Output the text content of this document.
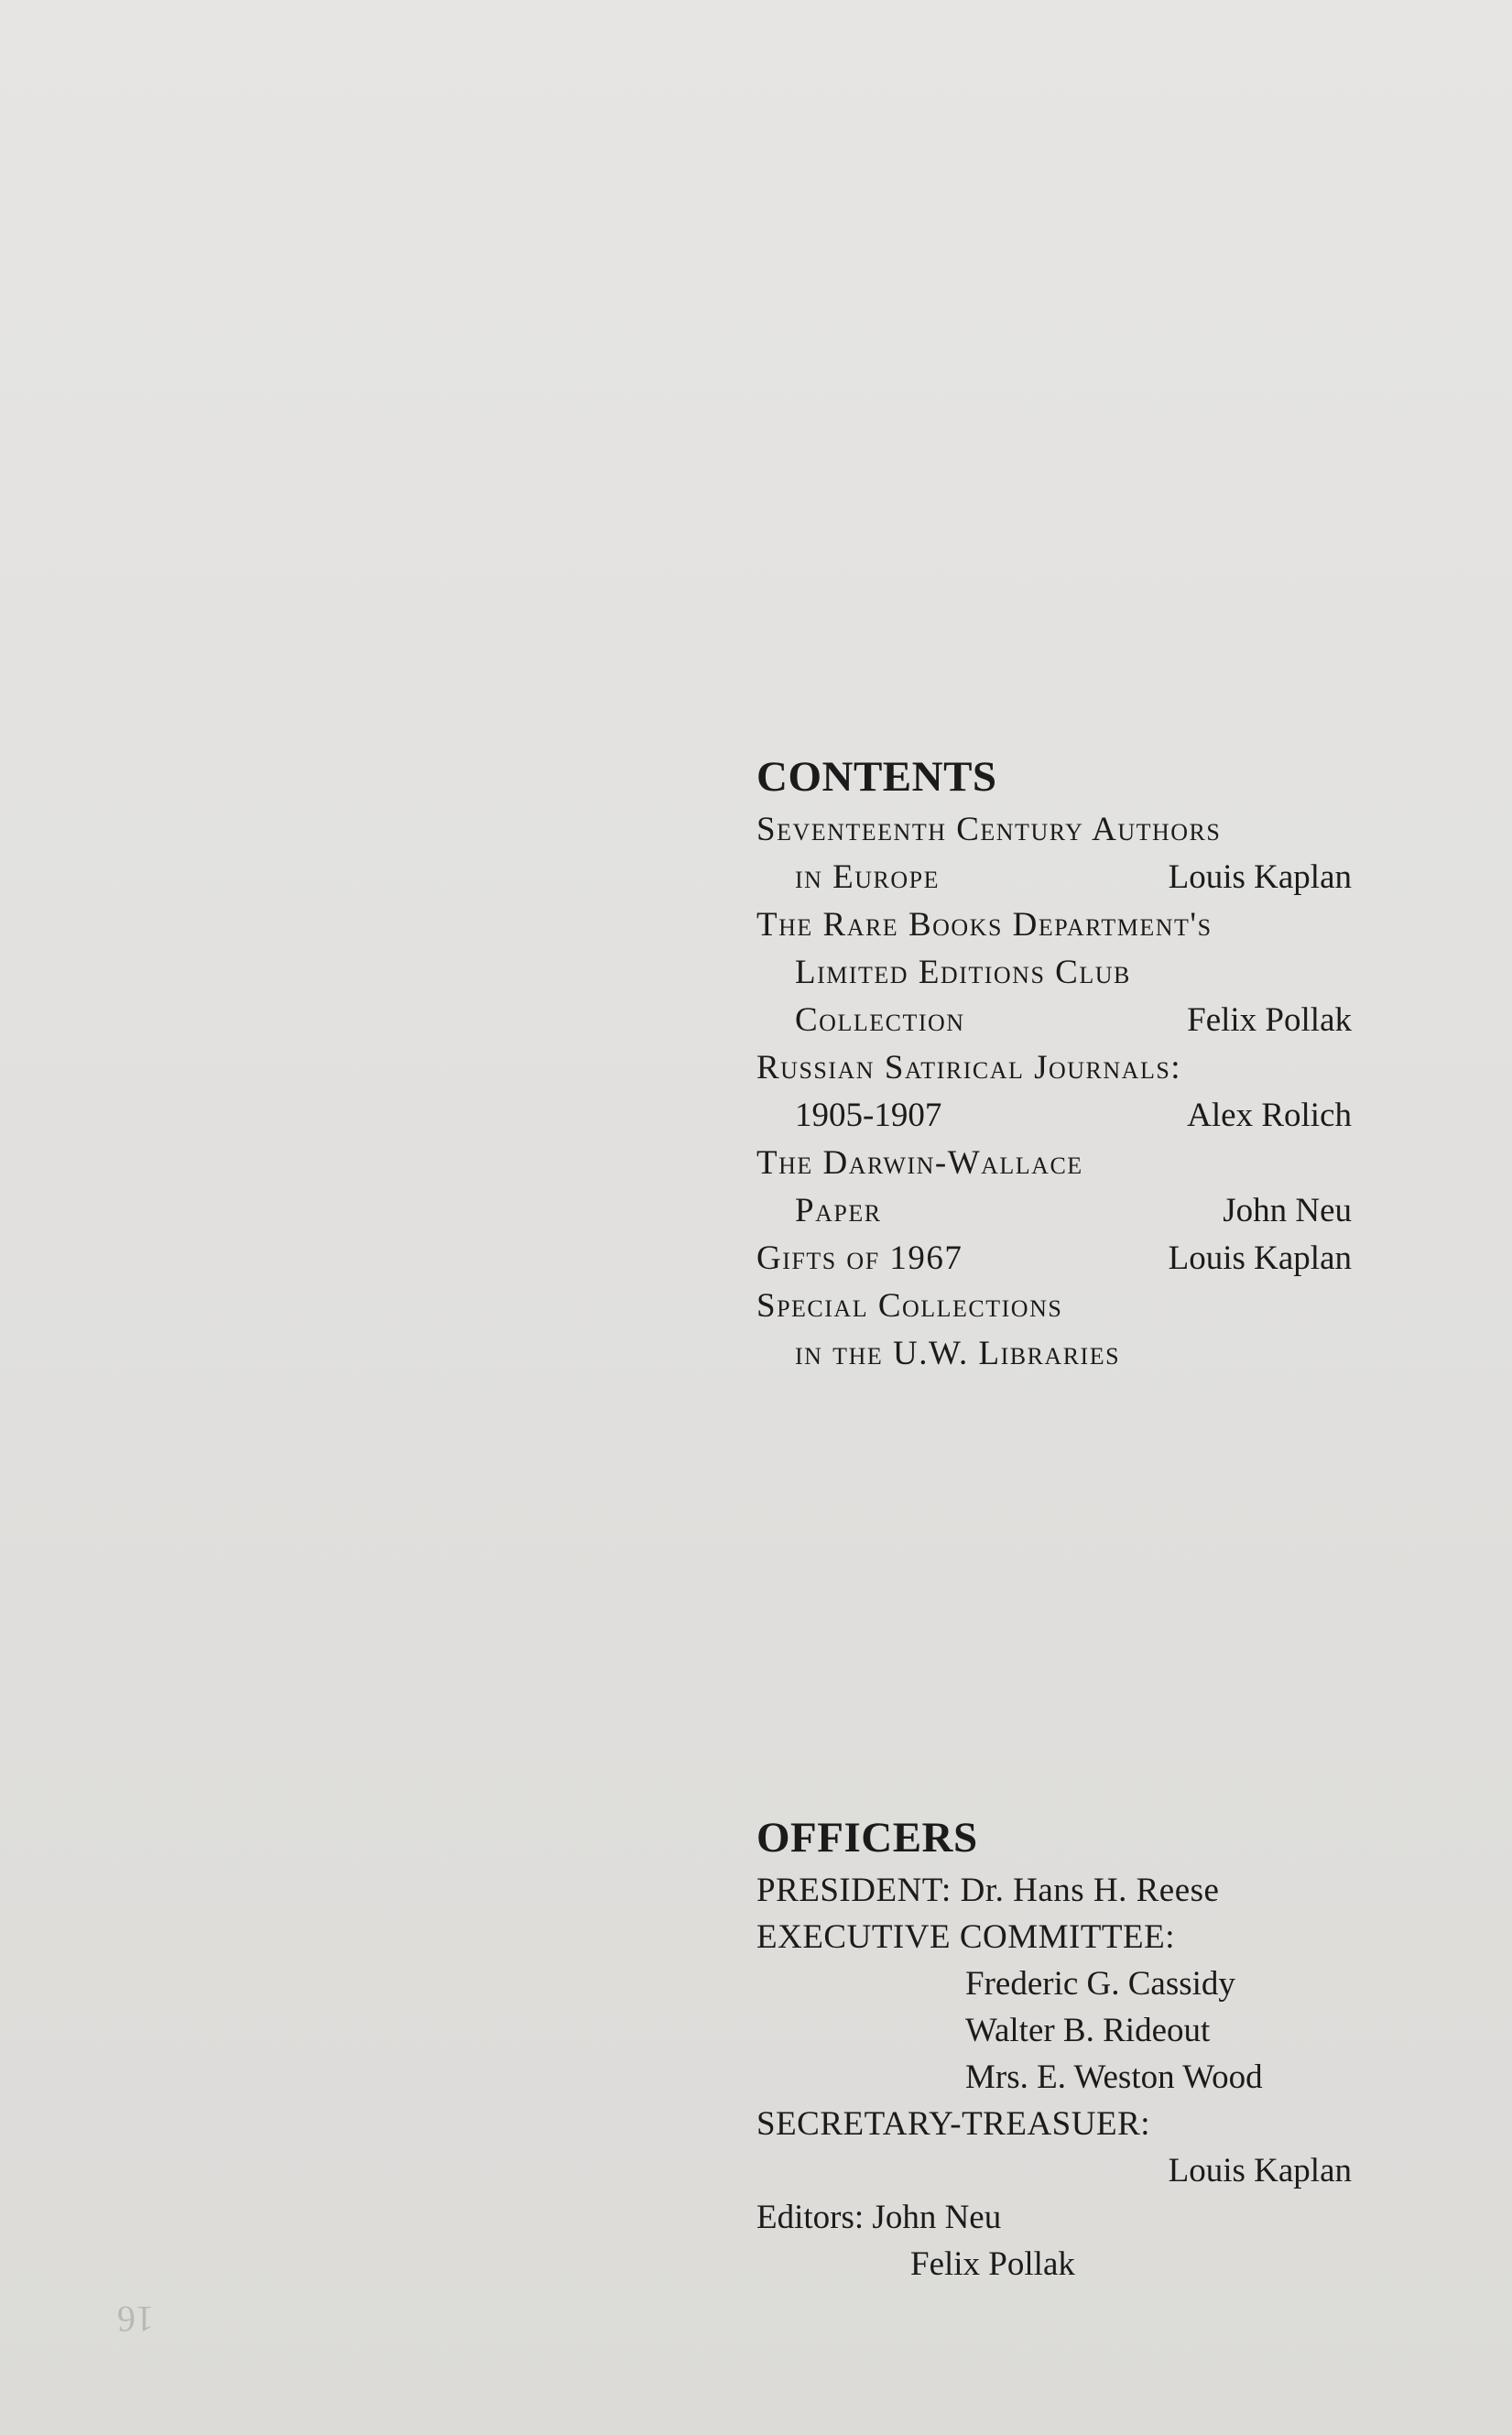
CONTENTS
Seventeenth Century Authors
in Europe	Louis Kaplan
The Rare Books Department's
Limited Editions Club
Collection	Felix Pollak
Russian Satirical Journals:
1905-1907	Alex Rolich
The Darwin-Wallace
Paper	John Neu
Gifts of 1967	Louis Kaplan
Special Collections
in the U.W. Libraries
OFFICERS
PRESIDENT: Dr. Hans H. Reese
EXECUTIVE COMMITTEE:
Frederic G. Cassidy
Walter B. Rideout
Mrs. E. Weston Wood
SECRETARY-TREASUER:
Louis Kaplan
Editors: John Neu
Felix Pollak
16
